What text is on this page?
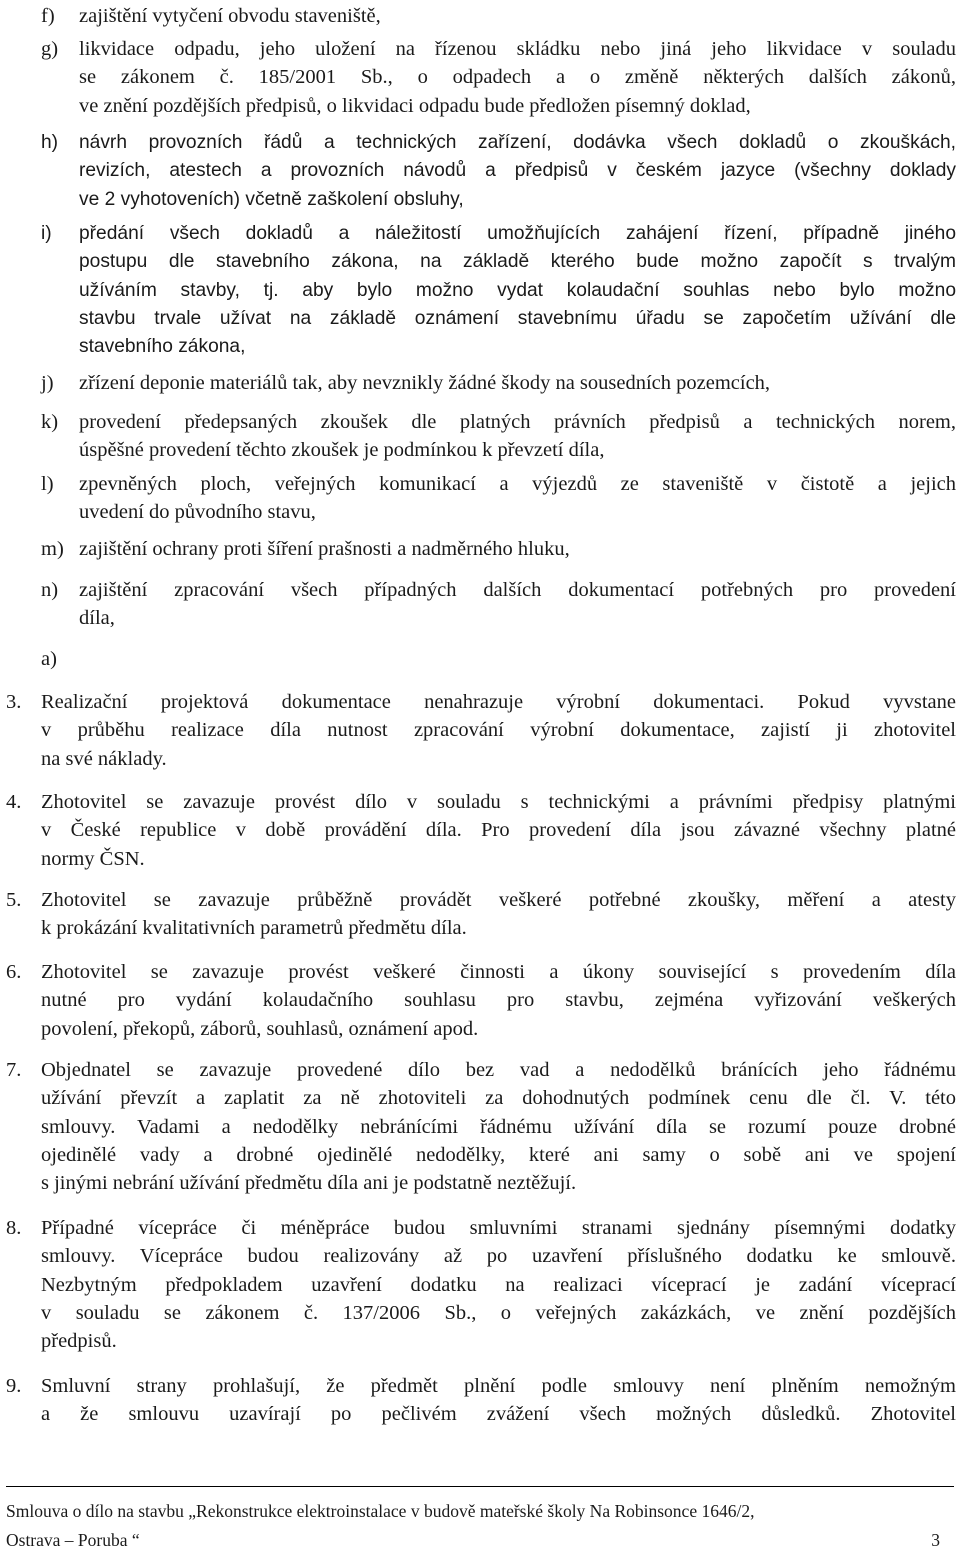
f) zajištění vytyčení obvodu staveniště,
g) likvidace odpadu, jeho uložení na řízenou skládku nebo jiná jeho likvidace v souladu
se zákonem č. 185/2001 Sb., o odpadech a o změně některých dalších zákonů,
ve znění pozdějších předpisů, o likvidaci odpadu bude předložen písemný doklad,
h) návrh provozních řádů a technických zařízení, dodávka všech dokladů o zkouškách,
revizích, atestech a provozních návodů a předpisů v českém jazyce (všechny doklady
ve 2 vyhotoveních) včetně zaškolení obsluhy,
i) předání všech dokladů a náležitostí umožňujících zahájení řízení, případně jiného
postupu dle stavebního zákona, na základě kterého bude možno započít s trvalým
užíváním stavby, tj. aby bylo možno vydat kolaudační souhlas nebo bylo možno
stavbu trvale užívat na základě oznámení stavebnímu úřadu se započetím užívání dle
stavebního zákona,
j) zřízení deponie materiálů tak, aby nevznikly žádné škody na sousedních pozemcích,
k) provedení předepsaných zkoušek dle platných právních předpisů a technických norem,
úspěšné provedení těchto zkoušek je podmínkou k převzetí díla,
l) zpevněných ploch, veřejných komunikací a výjezdů ze staveniště v čistotě a jejich
uvedení do původního stavu,
m) zajištění ochrany proti šíření prašnosti a nadměrného hluku,
n) zajištění zpracování všech případných dalších dokumentací potřebných pro provedení
díla,
a)
3. Realizační projektová dokumentace nenahrazuje výrobní dokumentaci. Pokud vyvstane
v průběhu realizace díla nutnost zpracování výrobní dokumentace, zajistí ji zhotovitel
na své náklady.
4. Zhotovitel se zavazuje provést dílo v souladu s technickými a právními předpisy platnými
v České republice v době provádění díla. Pro provedení díla jsou závazné všechny platné
normy ČSN.
5. Zhotovitel se zavazuje průběžně provádět veškeré potřebné zkoušky, měření a atesty
k prokázání kvalitativních parametrů předmětu díla.
6. Zhotovitel se zavazuje provést veškeré činnosti a úkony související s provedením díla
nutné pro vydání kolaudačního souhlasu pro stavbu, zejména vyřizování veškerých
povolení, překopů, záborů, souhlasů, oznámení apod.
7. Objednatel se zavazuje provedené dílo bez vad a nedodělků bránících jeho řádnému
užívání převzít a zaplatit za ně zhotoviteli za dohodnutých podmínek cenu dle čl. V. této
smlouvy. Vadami a nedodělky nebránícími řádnému užívání díla se rozumí pouze drobné
ojedinělé vady a drobné ojedinělé nedodělky, které ani samy o sobě ani ve spojení
s jinými nebrání užívání předmětu díla ani je podstatně neztěžují.
8. Případné vícepráce či méněpráce budou smluvními stranami sjednány písemnými dodatky
smlouvy. Vícepráce budou realizovány až po uzavření příslušného dodatku ke smlouvě.
Nezbytným předpokladem uzavření dodatku na realizaci víceprací je zadání víceprací
v souladu se zákonem č. 137/2006 Sb., o veřejných zakázkách, ve znění pozdějších
předpisů.
9. Smluvní strany prohlašují, že předmět plnění podle smlouvy není plněním nemožným
a že smlouvu uzavírají po pečlivém zvážení všech možných důsledků. Zhotovitel
Smlouva o dílo na stavbu „Rekonstrukce elektroinstalace v budově mateřské školy Na Robinsonce 1646/2,
Ostrava – Poruba “	3
